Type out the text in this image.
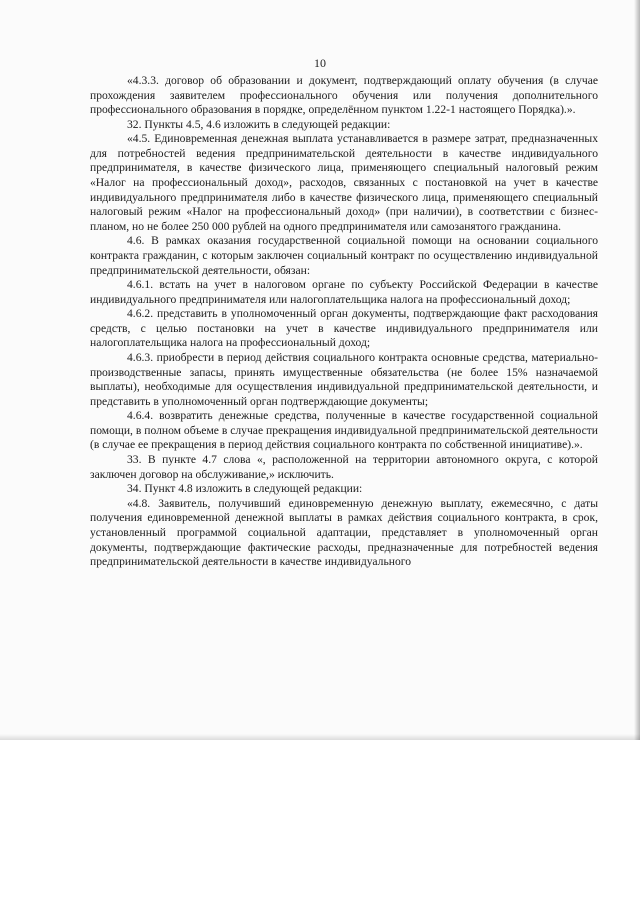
10

«4.3.3. договор об образовании и документ, подтверждающий оплату обучения (в случае прохождения заявителем профессионального обучения или получения дополнительного профессионального образования в порядке, определённом пунктом 1.22-1 настоящего Порядка).».

32. Пункты 4.5, 4.6 изложить в следующей редакции:

«4.5. Единовременная денежная выплата устанавливается в размере затрат, предназначенных для потребностей ведения предпринимательской деятельности в качестве индивидуального предпринимателя, в качестве физического лица, применяющего специальный налоговый режим «Налог на профессиональный доход», расходов, связанных с постановкой на учет в качестве индивидуального предпринимателя либо в качестве физического лица, применяющего специальный налоговый режим «Налог на профессиональный доход» (при наличии), в соответствии с бизнес-планом, но не более 250 000 рублей на одного предпринимателя или самозанятого гражданина.

4.6. В рамках оказания государственной социальной помощи на основании социального контракта гражданин, с которым заключен социальный контракт по осуществлению индивидуальной предпринимательской деятельности, обязан:

4.6.1. встать на учет в налоговом органе по субъекту Российской Федерации в качестве индивидуального предпринимателя или налогоплательщика налога на профессиональный доход;

4.6.2. представить в уполномоченный орган документы, подтверждающие факт расходования средств, с целью постановки на учет в качестве индивидуального предпринимателя или налогоплательщика налога на профессиональный доход;

4.6.3. приобрести в период действия социального контракта основные средства, материально-производственные запасы, принять имущественные обязательства (не более 15% назначаемой выплаты), необходимые для осуществления индивидуальной предпринимательской деятельности, и представить в уполномоченный орган подтверждающие документы;

4.6.4. возвратить денежные средства, полученные в качестве государственной социальной помощи, в полном объеме в случае прекращения индивидуальной предпринимательской деятельности (в случае ее прекращения в период действия социального контракта по собственной инициативе).».

33. В пункте 4.7 слова «, расположенной на территории автономного округа, с которой заключен договор на обслуживание,» исключить.

34. Пункт 4.8 изложить в следующей редакции:

«4.8. Заявитель, получивший единовременную денежную выплату, ежемесячно, с даты получения единовременной денежной выплаты в рамках действия социального контракта, в срок, установленный программой социальной адаптации, представляет в уполномоченный орган документы, подтверждающие фактические расходы, предназначенные для потребностей ведения предпринимательской деятельности в качестве индивидуального
